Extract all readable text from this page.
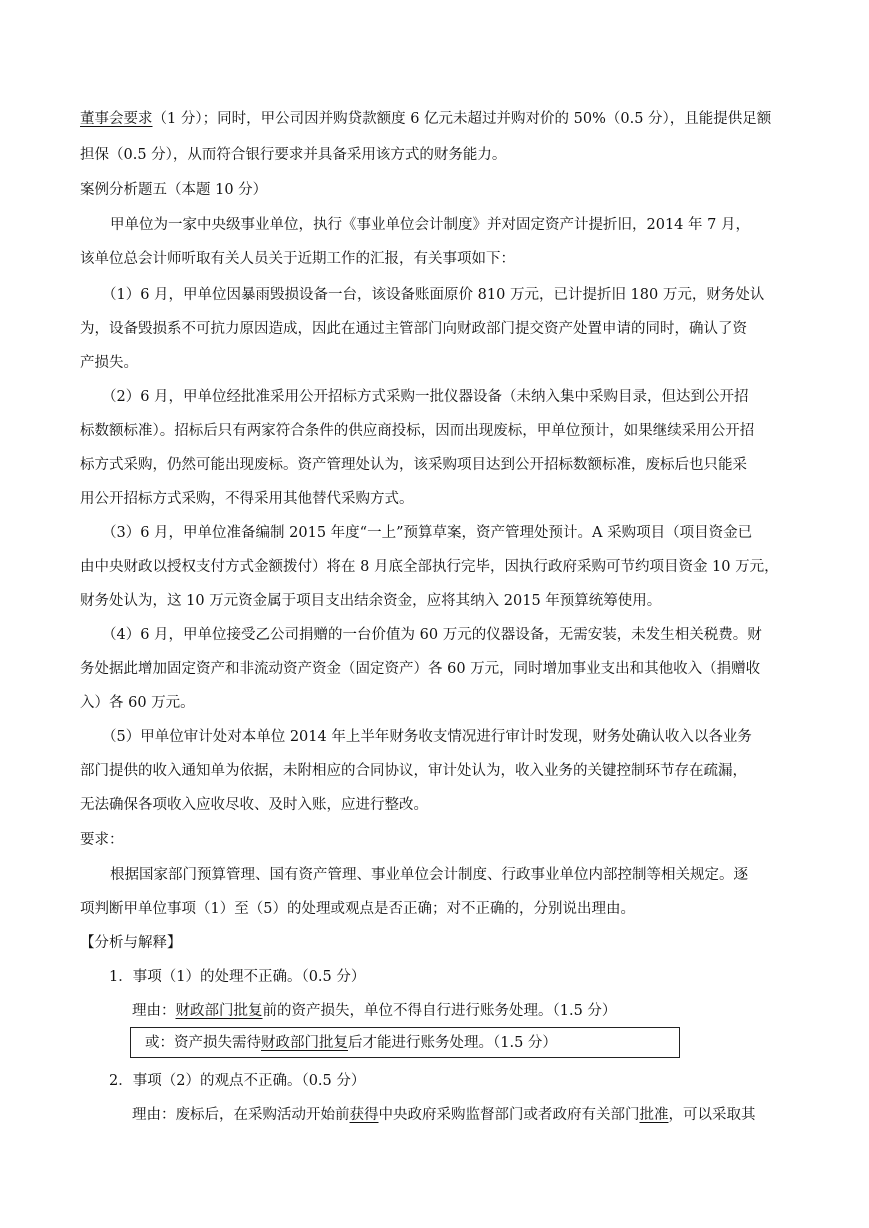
董事会要求（1 分）；同时，甲公司因并购贷款额度 6 亿元未超过并购对价的 50%（0.5 分），且能提供足额
担保（0.5 分），从而符合银行要求并具备采用该方式的财务能力。
案例分析题五（本题 10 分）
甲单位为一家中央级事业单位，执行《事业单位会计制度》并对固定资产计提折旧，2014 年 7 月，
该单位总会计师听取有关人员关于近期工作的汇报，有关事项如下：
（1）6 月，甲单位因暴雨毁损设备一台，该设备账面原价 810 万元，已计提折旧 180 万元，财务处认
为，设备毁损系不可抗力原因造成，因此在通过主管部门向财政部门提交资产处置申请的同时，确认了资
产损失。
（2）6 月，甲单位经批准采用公开招标方式采购一批仪器设备（未纳入集中采购目录，但达到公开招
标数额标准）。招标后只有两家符合条件的供应商投标，因而出现废标，甲单位预计，如果继续采用公开招
标方式采购，仍然可能出现废标。资产管理处认为，该采购项目达到公开招标数额标准，废标后也只能采
用公开招标方式采购，不得采用其他替代采购方式。
（3）6 月，甲单位准备编制 2015 年度“一上”预算草案，资产管理处预计。A 采购项目（项目资金已
由中央财政以授权支付方式金额拨付）将在 8 月底全部执行完毕，因执行政府采购可节约项目资金 10 万元，
财务处认为，这 10 万元资金属于项目支出结余资金，应将其纳入 2015 年预算统筹使用。
（4）6 月，甲单位接受乙公司捐赠的一台价值为 60 万元的仪器设备，无需安装，未发生相关税费。财
务处据此增加固定资产和非流动资产资金（固定资产）各 60 万元，同时增加事业支出和其他收入（捐赠收
入）各 60 万元。
（5）甲单位审计处对本单位 2014 年上半年财务收支情况进行审计时发现，财务处确认收入以各业务
部门提供的收入通知单为依据，未附相应的合同协议，审计处认为，收入业务的关键控制环节存在疏漏，
无法确保各项收入应收尽收、及时入账，应进行整改。
要求：
根据国家部门预算管理、国有资产管理、事业单位会计制度、行政事业单位内部控制等相关规定。逐
项判断甲单位事项（1）至（5）的处理或观点是否正确；对不正确的，分别说出理由。
【分析与解释】
1．事项（1）的处理不正确。（0.5 分）
理由：财政部门批复前的资产损失，单位不得自行进行账务处理。（1.5 分）
或：资产损失需待财政部门批复后才能进行账务处理。（1.5 分）
2．事项（2）的观点不正确。（0.5 分）
理由：废标后，在采购活动开始前获得中央政府采购监督部门或者政府有关部门批准，可以采取其
